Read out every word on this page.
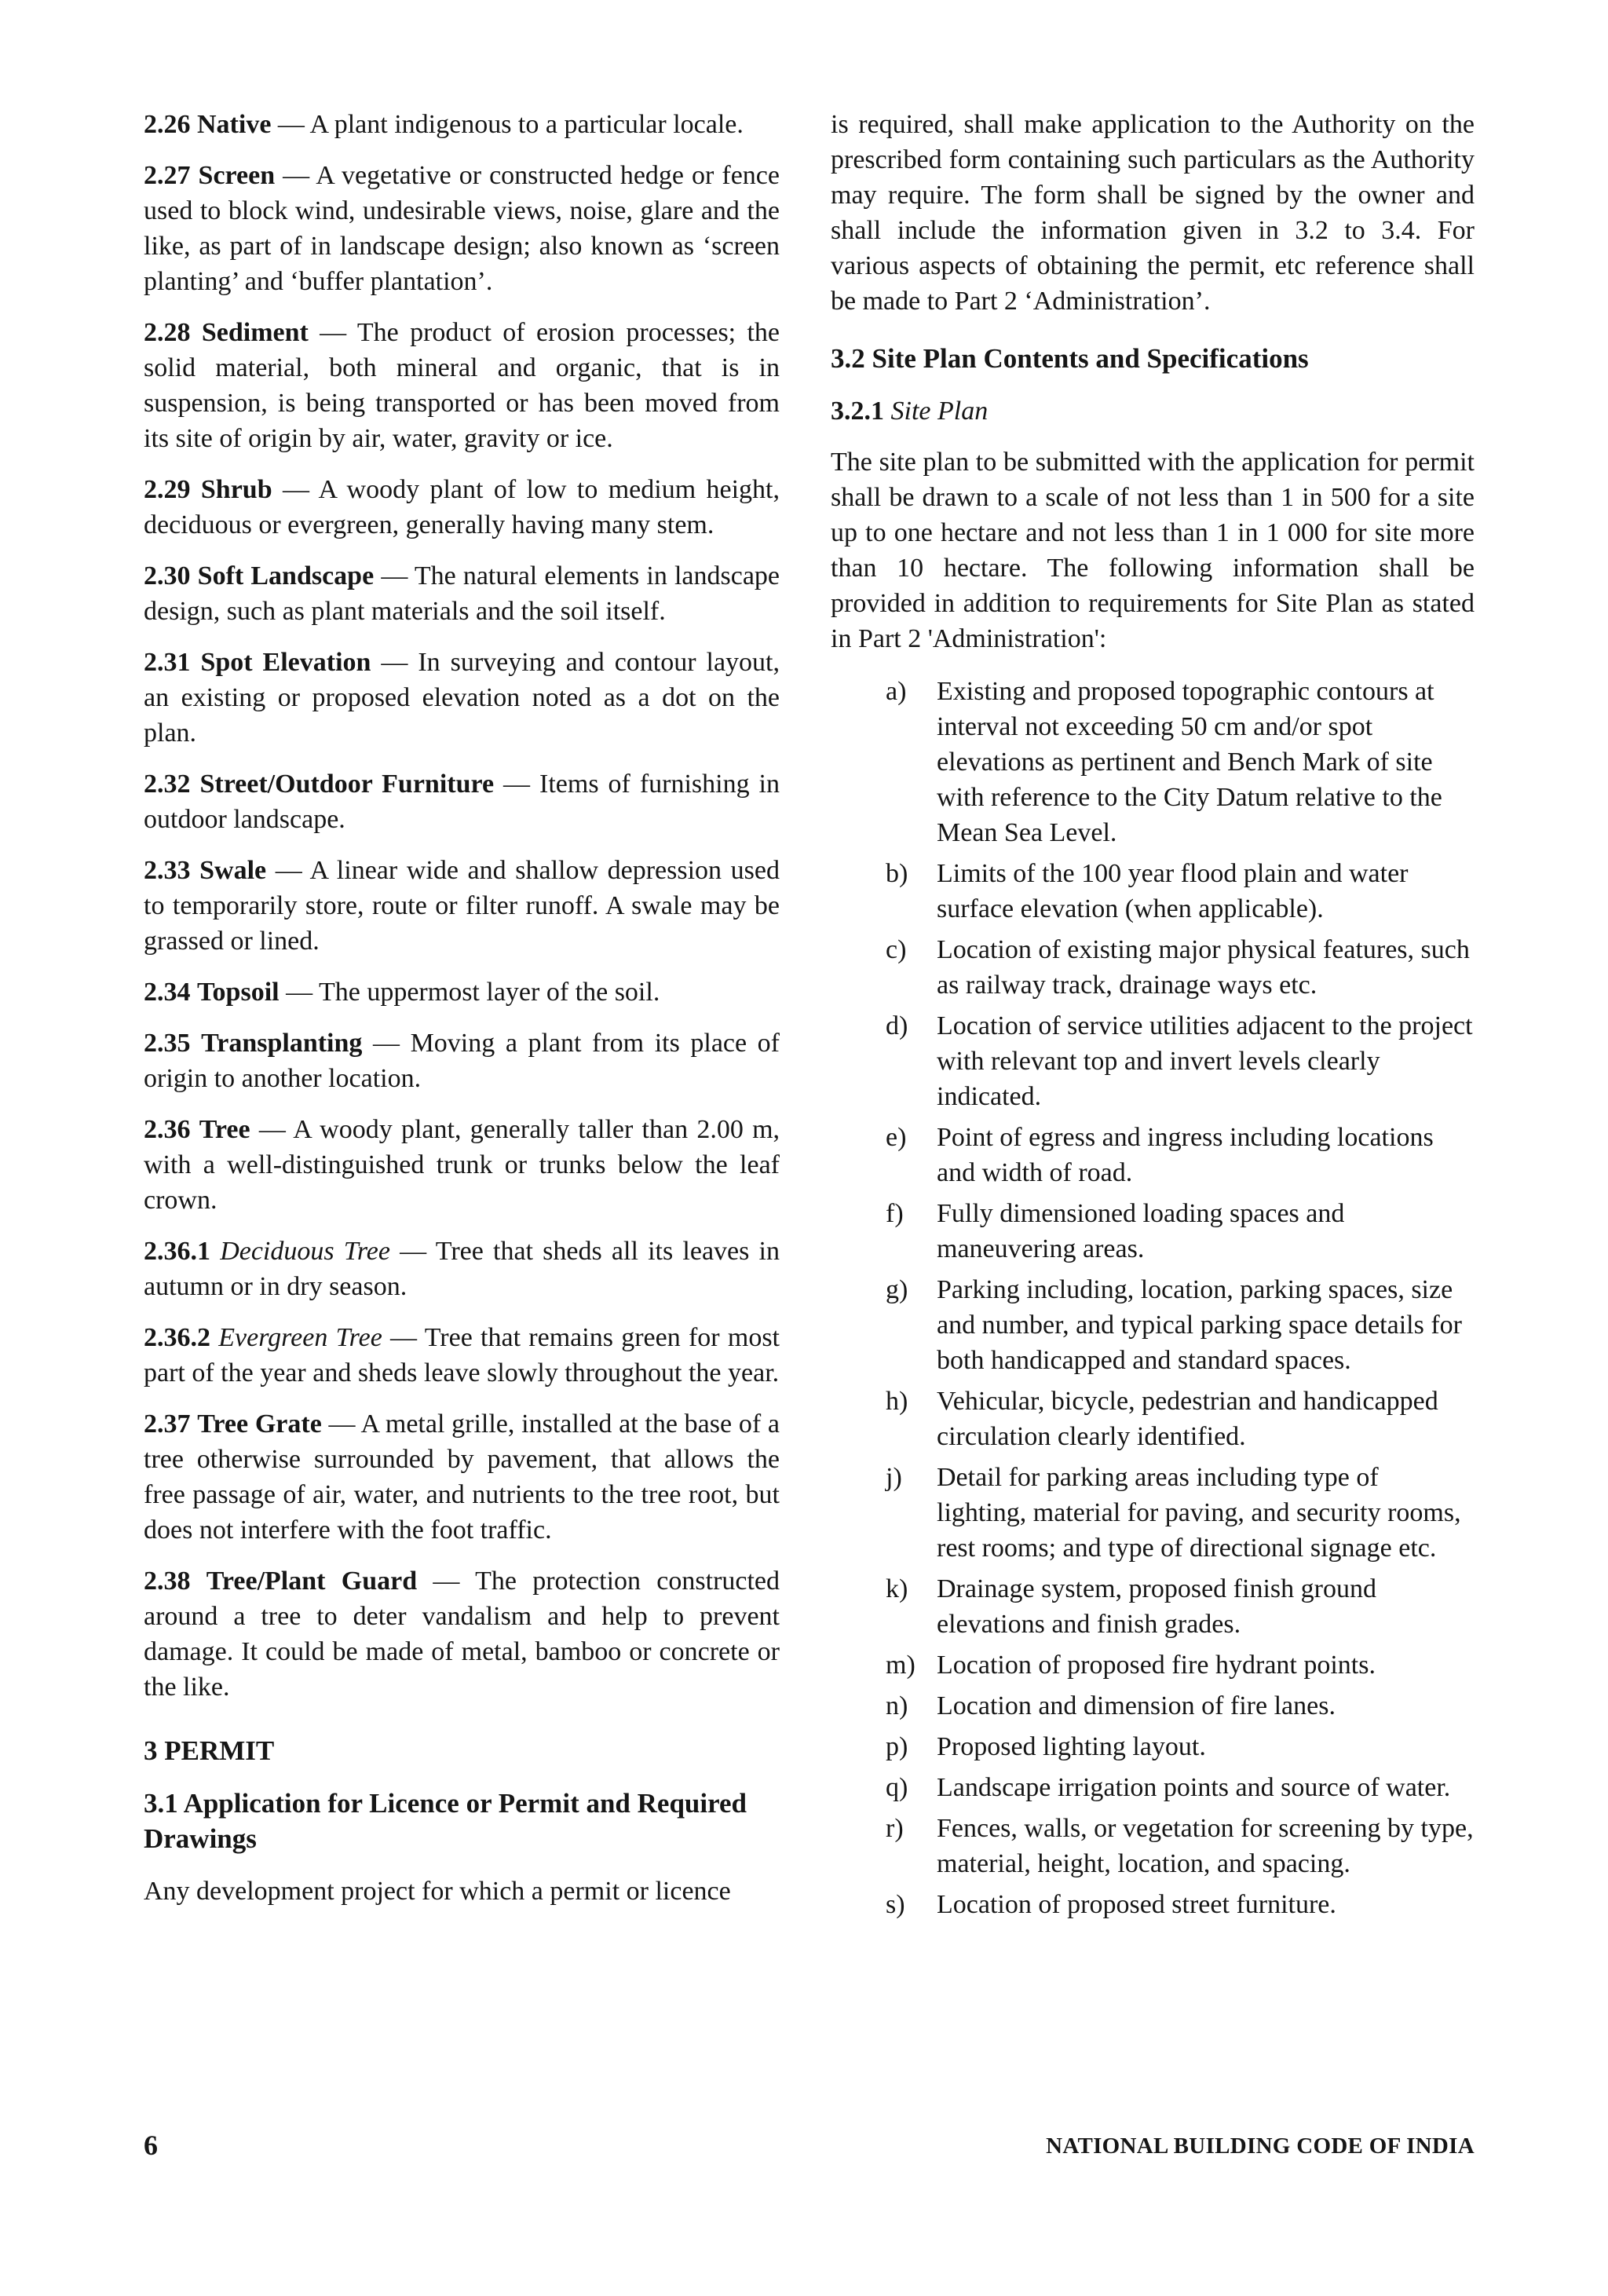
2.26 Native — A plant indigenous to a particular locale.

2.27 Screen — A vegetative or constructed hedge or fence used to block wind, undesirable views, noise, glare and the like, as part of in landscape design; also known as ‘screen planting’ and ‘buffer plantation’.

2.28 Sediment — The product of erosion processes; the solid material, both mineral and organic, that is in suspension, is being transported or has been moved from its site of origin by air, water, gravity or ice.

2.29 Shrub — A woody plant of low to medium height, deciduous or evergreen, generally having many stem.

2.30 Soft Landscape — The natural elements in landscape design, such as plant materials and the soil itself.

2.31 Spot Elevation — In surveying and contour layout, an existing or proposed elevation noted as a dot on the plan.

2.32 Street/Outdoor Furniture — Items of furnishing in outdoor landscape.

2.33 Swale — A linear wide and shallow depression used to temporarily store, route or filter runoff. A swale may be grassed or lined.

2.34 Topsoil — The uppermost layer of the soil.

2.35 Transplanting — Moving a plant from its place of origin to another location.

2.36 Tree — A woody plant, generally taller than 2.00 m, with a well-distinguished trunk or trunks below the leaf crown.

2.36.1 Deciduous Tree — Tree that sheds all its leaves in autumn or in dry season.

2.36.2 Evergreen Tree — Tree that remains green for most part of the year and sheds leave slowly throughout the year.

2.37 Tree Grate — A metal grille, installed at the base of a tree otherwise surrounded by pavement, that allows the free passage of air, water, and nutrients to the tree root, but does not interfere with the foot traffic.

2.38 Tree/Plant Guard — The protection constructed around a tree to deter vandalism and help to prevent damage. It could be made of metal, bamboo or concrete or the like.

3 PERMIT
3.1 Application for Licence or Permit and Required Drawings

Any development project for which a permit or licence

is required, shall make application to the Authority on the prescribed form containing such particulars as the Authority may require. The form shall be signed by the owner and shall include the information given in 3.2 to 3.4. For various aspects of obtaining the permit, etc reference shall be made to Part 2 ‘Administration’.

3.2 Site Plan Contents and Specifications
3.2.1 Site Plan

The site plan to be submitted with the application for permit shall be drawn to a scale of not less than 1 in 500 for a site up to one hectare and not less than 1 in 1 000 for site more than 10 hectare. The following information shall be provided in addition to requirements for Site Plan as stated in Part 2 'Administration':

a) Existing and proposed topographic contours at interval not exceeding 50 cm and/or spot elevations as pertinent and Bench Mark of site with reference to the City Datum relative to the Mean Sea Level.
b) Limits of the 100 year flood plain and water surface elevation (when applicable).
c) Location of existing major physical features, such as railway track, drainage ways etc.
d) Location of service utilities adjacent to the project with relevant top and invert levels clearly indicated.
e) Point of egress and ingress including locations and width of road.
f) Fully dimensioned loading spaces and maneuvering areas.
g) Parking including, location, parking spaces, size and number, and typical parking space details for both handicapped and standard spaces.
h) Vehicular, bicycle, pedestrian and handicapped circulation clearly identified.
j) Detail for parking areas including type of lighting, material for paving, and security rooms, rest rooms; and type of directional signage etc.
k) Drainage system, proposed finish ground elevations and finish grades.
m) Location of proposed fire hydrant points.
n) Location and dimension of fire lanes.
p) Proposed lighting layout.
q) Landscape irrigation points and source of water.
r) Fences, walls, or vegetation for screening by type, material, height, location, and spacing.
s) Location of proposed street furniture.
6	NATIONAL BUILDING CODE OF INDIA
